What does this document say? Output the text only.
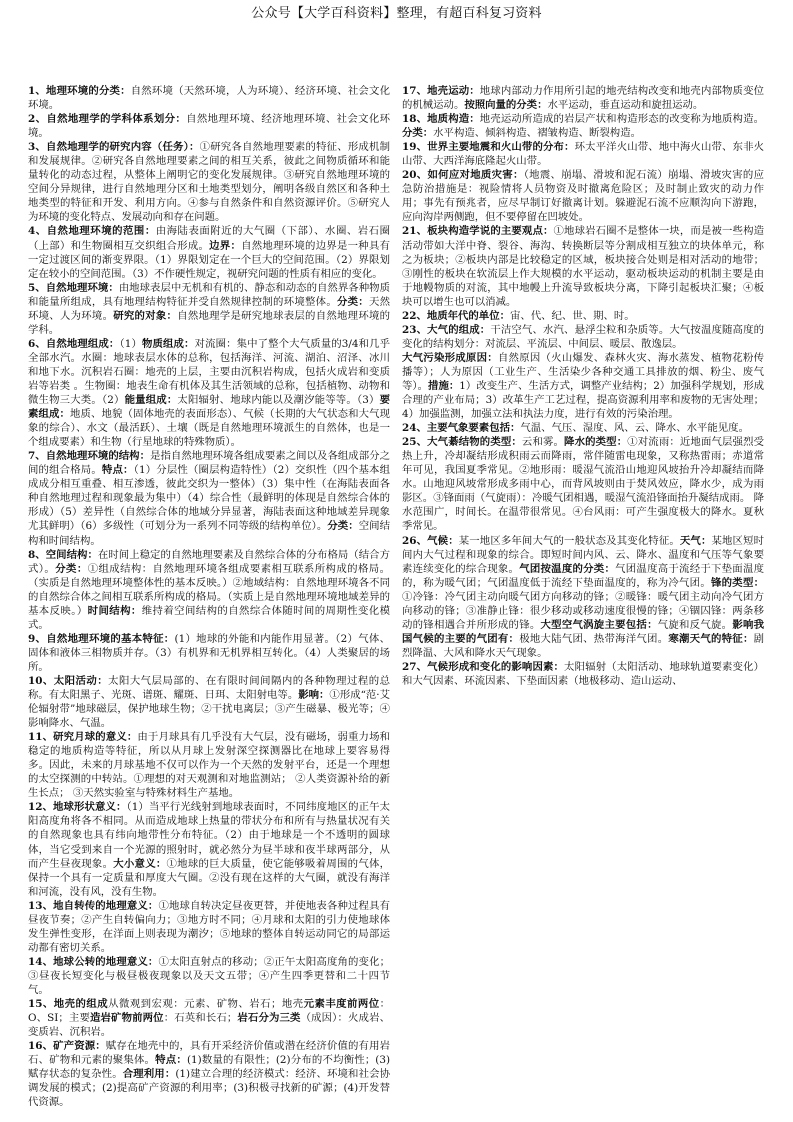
公众号【大学百科资料】整理，有超百科复习资料

1、地理环境的分类：自然环境（天然环境，人为环境）、经济环境、社会文化环境。

2、自然地理学的学科体系划分：自然地理环境、经济地理环境、社会文化环境。

3、自然地理学的研究内容（任务）：①研究各自然地理要素的特征、形成机制和发展规律。②研究各自然地理要素之间的相互关系，彼此之间物质循环和能量转化的动态过程，从整体上阐明它的变化发展规律。③研究自然地理环境的空间分异规律，进行自然地理分区和土地类型划分，阐明各级自然区和各种土地类型的特征和开发、利用方向。④参与自然条件和自然资源评价。⑤研究人为环境的变化特点、发展动向和存在问题。

4、自然地理环境的范围：由海陆表面附近的大气圈（下部）、水圈、岩石圈（上部）和生物圈相互交织组合形成。边界：自然地理环境的边界是一种具有一定过渡区间的渐变界限。（1）界限划定在一个巨大的空间范围。（2）界限划定在较小的空间范围。（3）不作硬性规定，视研究问题的性质有相应的变化。

5、自然地理环境：由地球表层中无机和有机的、静态和动态的自然界各种物质和能量所组成，具有地理结构特征并受自然规律控制的环境整体。分类：天然环境、人为环境。研究的对象：自然地理学是研究地球表层的自然地理环境的学科。

6、自然地理组成：（1）物质组成：对流圈：集中了整个大气质量的3/4和几乎全部水汽。水圈：地球表层水体的总称，包括海洋、河流、湖泊、沼泽、冰川和地下水。沉积岩石圈：地壳的上层，主要由沉积岩构成，包括火成岩和变质岩等岩类 。生物圈：地表生命有机体及其生活领域的总称，包括植物、动物和微生物三大类。（2）能量组成：太阳辐射、地球内能以及潮汐能等等。（3）要素组成：地质、地貌（固体地壳的表面形态）、气候（长期的大气状态和大气现象的综合）、水文（最活跃）、土壤（既是自然地理环境派生的自然体，也是一个组成要素）和生物（行星地球的特殊物质）。

7、自然地理环境的结构：是指自然地理环境各组成要素之间以及各组成部分之间的组合格局。特点：（1）分层性（圈层构造特性）（2）交织性（四个基本组成成分相互重叠、相互渗透，彼此交织为一整体）（3）集中性（在海陆表面各种自然地理过程和现象最为集中）（4）综合性（最鲜明的体现是自然综合体的形成）（5）差异性（自然综合体的地域分异显著，海陆表面这种地域差异现象尤其鲜明）（6）多级性（可划分为一系列不同等级的结构单位）。分类：空间结构和时间结构。

8、空间结构：在时间上稳定的自然地理要素及自然综合体的分布格局（结合方式）。分类：①组成结构：自然地理环境各组成要素相互联系所构成的格局。（实质是自然地理环境整体性的基本反映。）②地域结构：自然地理环境各不同的自然综合体之间相互联系所构成的格局。（实质上是自然地理环境地域差异的基本反映。）时间结构：维持着空间结构的自然综合体随时间的周期性变化模式。

9、自然地理环境的基本特征：(1）地球的外能和内能作用显著。（2）气体、固体和液体三相物质并存。（3）有机界和无机界相互转化。（4）人类聚居的场所。

10、太阳活动：太阳大气层局部的、在有限时间间隔内的各种物理过程的总称。有太阳黑子、光斑、谱斑、耀斑、日珥、太阳射电等。影响：①形成“范·艾伦辐射带”地球磁层，保护地球生物；②干扰电离层；③产生磁暴、极光等；④影响降水、气温。

11、研究月球的意义：由于月球具有几乎没有大气层，没有磁场，弱重力场和稳定的地质构造等特征，所以从月球上发射深空探测器比在地球上要容易得多。因此，未来的月球基地不仅可以作为一个天然的发射平台，还是一个理想的太空探测的中转站。①理想的对天观测和对地监测站； ②人类资源补给的新生长点； ③天然实验室与特殊材料生产基地。

12、地球形状意义：（1）当平行光线射到地球表面时，不同纬度地区的正午太阳高度角将各不相同。从而造成地球上热量的带状分布和所有与热量状况有关的自然现象也具有纬向地带性分布特征。（2）由于地球是一个不透明的圆球体，当它受到来自一个光源的照射时，就必然分为昼半球和夜半球两部分，从而产生昼夜现象。大小意义：①地球的巨大质量，使它能够吸着周围的气体，保持一个具有一定质量和厚度大气圈。②没有现在这样的大气圈，就没有海洋和河流，没有风，没有生物。

13、地自转传的地理意义：①地球自转决定昼夜更替，并使地表各种过程具有昼夜节奏；②产生自转偏向力；③地方时不同；④月球和太阳的引力使地球体发生弹性变形，在洋面上则表现为潮汐；⑤地球的整体自转运动同它的局部运动都有密切关系。

14、地球公转的地理意义：①太阳直射点的移动；②正午太阳高度角的变化；③昼夜长短变化与极昼极夜现象以及天文五带；④产生四季更替和二十四节气。

15、地壳的组成从微观到宏观：元素、矿物、岩石；地壳元素丰度前两位：O、SI；主要造岩矿物前两位：石英和长石；岩石分为三类（成因）：火成岩、变质岩、沉积岩。

16、矿产资源：赋存在地壳中的，具有开采经济价值或潜在经济价值的有用岩石、矿物和元素的聚集体。特点：(1)数量的有限性；(2)分布的不均衡性；(3)赋存状态的复杂性。合理利用：(1)建立合理的经济模式：经济、环境和社会协调发展的模式；(2)提高矿产资源的利用率；(3)积极寻找新的矿源；(4)开发替代资源。

17、地壳运动：地球内部动力作用所引起的地壳结构改变和地壳内部物质变位的机械运动。按照向量的分类：水平运动，垂直运动和旋扭运动。

18、地质构造：地壳运动所造成的岩层产状和构造形态的改变称为地质构造。分类：水平构造、倾斜构造、褶皱构造、断裂构造。

19、世界主要地震和火山带的分布：环太平洋火山带、地中海火山带、东非火山带、大西洋海底隆起火山带。

20、如何应对地质灾害：（地震、崩塌、滑坡和泥石流）崩塌、滑坡灾害的应急防治措施是：视险情将人员物资及时撤离危险区；及时制止致灾的动力作用；事先有预兆者，应尽早制订好撤离计划。躲避泥石流不应顺沟向下游跑，应向沟岸两侧跑，但不要停留在凹坡处。

21、板块构造学说的主要观点：①地球岩石圈不是整体一块，而是被一些构造活动带如大洋中脊、裂谷、海沟、转换断层等分割成相互独立的块体单元，称之为板块；②板块内部是比较稳定的区域，板块接合处则是相对活动的地带；③刚性的板块在软流层上作大规模的水平运动，驱动板块运动的机制主要是由于地幔物质的对流，其中地幔上升流导致板块分离，下降引起板块汇聚；④板块可以增生也可以消减。

22、地质年代的单位：宙、代、纪、世、期、时。

23、大气的组成：干洁空气、水汽、悬浮尘粒和杂质等。大气按温度随高度的变化的结构划分：对流层、平流层、中间层、暖层、散逸层。

大气污染形成原因：自然原因（火山爆发、森林火灾、海水蒸发、植物花粉传播等）；人为原因（工业生产、生活染少各种交通工具排放的烟、粉尘、废气等）。措施：1）改变生产、生活方式，调整产业结构；2）加强科学规划，形成合理的产业布局；3）改革生产工艺过程，提高资源利用率和废物的无害处理；4）加强监测，加强立法和执法力度，进行有效的污染治理。

24、主要气象要素包括：气温、气压、湿度、风、云、降水、水平能见度。

25、大气綦结物的类型：云和雾。降水的类型：①对流雨：近地面气层强烈受热上升，冷却凝结形成积雨云而降雨，常伴随雷电现象，又称热雷雨；赤道常年可见，我国夏季常见。②地形雨：暖湿气流沿山地迎风坡抬升冷却凝结而降水。山地迎风坡常形成多雨中心，而背风坡则由于焚风效应，降水少，成为雨影区。③锋面雨（气旋雨）：冷暖气团相遇，暖湿气流沿锋面抬升凝结成雨。 降水范围广，时间长。在温带很常见。④台风雨：可产生强度极大的降水。夏秋季常见。

26、气候：某一地区多年间大气的一般状态及其变化特征。天气：某地区短时间内大气过程和现象的综合。即短时间内风、云、降水、温度和气压等气象要素连续变化的综合现象。气团按温度的分类：气团温度高于流经于下垫面温度的，称为暖气团；气团温度低于流经下垫面温度的，称为冷气团。锋的类型：①冷锋：冷气团主动向暖气团方向移动的锋；②暖锋：暖气团主动向冷气团方向移动的锋；③准静止锋：很少移动或移动速度很慢的锋；④锢囚锋：两条移动的锋相遇合并所形成的锋。大型空气涡旋主要包括：气旋和反气旋。影响我国气候的主要的气团有：极地大陆气团、热带海洋气团。寒潮天气的特征：剧烈降温、大风和降水天气现象。

27、气候形成和变化的影响因素：太阳辐射（太阳活动、地球轨道要素变化）和大气因素、环流因素、下垫面因素（地极移动、造山运动、
